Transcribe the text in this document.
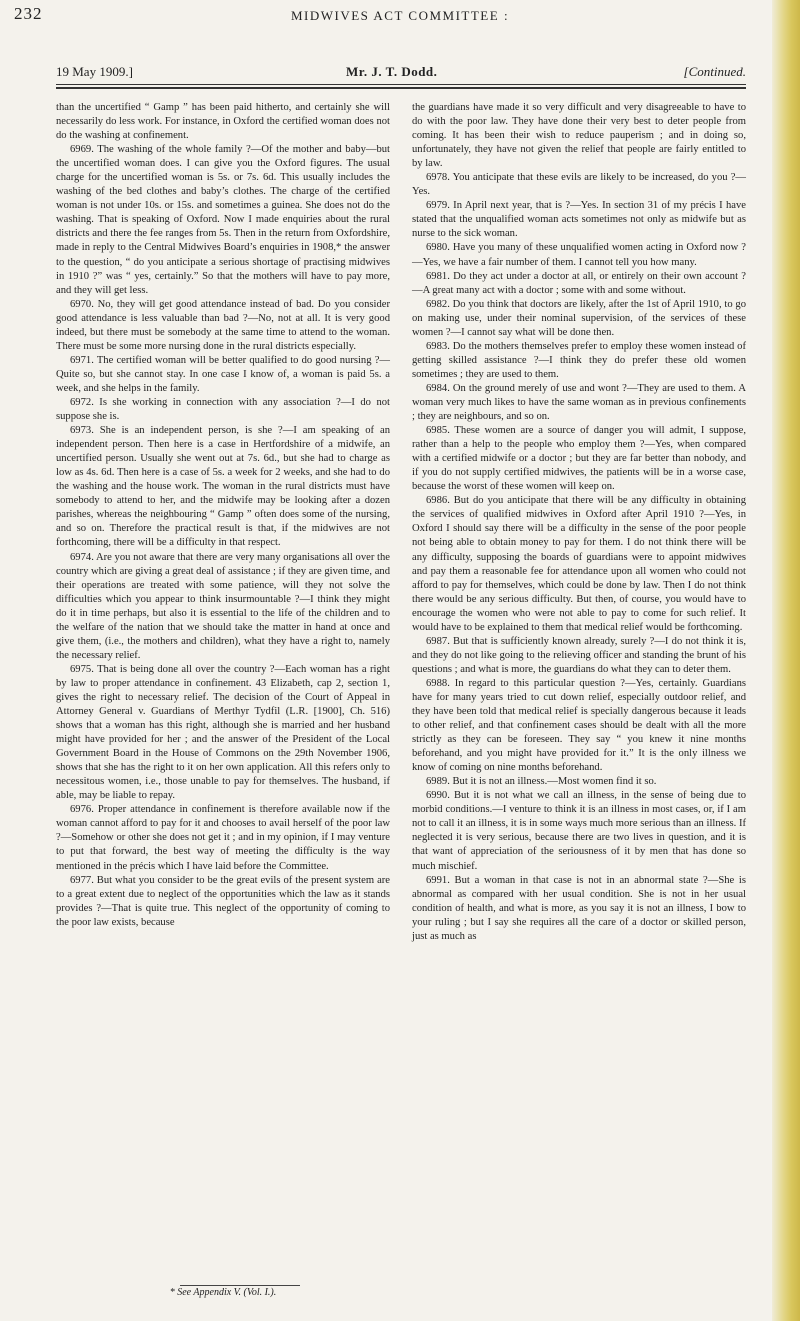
232	MIDWIVES ACT COMMITTEE :
19 May 1909.]	Mr. J. T. Dodd.	[Continued.

than the uncertified “ Gamp ” has been paid hitherto, and certainly she will necessarily do less work. For instance, in Oxford the certified woman does not do the washing at confinement.

6969. The washing of the whole family ?—Of the mother and baby—but the uncertified woman does. I can give you the Oxford figures. The usual charge for the uncertified woman is 5s. or 7s. 6d. This usually includes the washing of the bed clothes and baby’s clothes. The charge of the certified woman is not under 10s. or 15s. and sometimes a guinea. She does not do the washing. That is speaking of Oxford. Now I made enquiries about the rural districts and there the fee ranges from 5s. Then in the return from Oxfordshire, made in reply to the Central Midwives Board’s enquiries in 1908,* the answer to the question, “ do you anticipate a serious shortage of practising midwives in 1910 ?” was “ yes, certainly.” So that the mothers will have to pay more, and they will get less.

6970. No, they will get good attendance instead of bad. Do you consider good attendance is less valuable than bad ?—No, not at all. It is very good indeed, but there must be somebody at the same time to attend to the woman. There must be some more nursing done in the rural districts especially.

6971. The certified woman will be better qualified to do good nursing ?—Quite so, but she cannot stay. In one case I know of, a woman is paid 5s. a week, and she helps in the family.

6972. Is she working in connection with any association ?—I do not suppose she is.

6973. She is an independent person, is she ?—I am speaking of an independent person. Then here is a case in Hertfordshire of a midwife, an uncertified person. Usually she went out at 7s. 6d., but she had to charge as low as 4s. 6d. Then here is a case of 5s. a week for 2 weeks, and she had to do the washing and the house work. The woman in the rural districts must have somebody to attend to her, and the midwife may be looking after a dozen parishes, whereas the neighbouring “ Gamp ” often does some of the nursing, and so on. Therefore the practical result is that, if the midwives are not forthcoming, there will be a difficulty in that respect.

6974. Are you not aware that there are very many organisations all over the country which are giving a great deal of assistance ; if they are given time, and their operations are treated with some patience, will they not solve the difficulties which you appear to think insurmountable ?—I think they might do it in time perhaps, but also it is essential to the life of the children and to the welfare of the nation that we should take the matter in hand at once and give them, (i.e., the mothers and children), what they have a right to, namely the necessary relief.

6975. That is being done all over the country ?—Each woman has a right by law to proper attendance in confinement. 43 Elizabeth, cap 2, section 1, gives the right to necessary relief. The decision of the Court of Appeal in Attorney General v. Guardians of Merthyr Tydfil (L.R. [1900], Ch. 516) shows that a woman has this right, although she is married and her husband might have provided for her ; and the answer of the President of the Local Government Board in the House of Commons on the 29th November 1906, shows that she has the right to it on her own application. All this refers only to necessitous women, i.e., those unable to pay for themselves. The husband, if able, may be liable to repay.

6976. Proper attendance in confinement is therefore available now if the woman cannot afford to pay for it and chooses to avail herself of the poor law ?—Somehow or other she does not get it ; and in my opinion, if I may venture to put that forward, the best way of meeting the difficulty is the way mentioned in the précis which I have laid before the Committee.

6977. But what you consider to be the great evils of the present system are to a great extent due to neglect of the opportunities which the law as it stands provides ?—That is quite true. This neglect of the opportunity of coming to the poor law exists, because

the guardians have made it so very difficult and very disagreeable to have to do with the poor law. They have done their very best to deter people from coming. It has been their wish to reduce pauperism ; and in doing so, unfortunately, they have not given the relief that people are fairly entitled to by law.

6978. You anticipate that these evils are likely to be increased, do you ?—Yes.

6979. In April next year, that is ?—Yes. In section 31 of my précis I have stated that the unqualified woman acts sometimes not only as midwife but as nurse to the sick woman.

6980. Have you many of these unqualified women acting in Oxford now ?—Yes, we have a fair number of them. I cannot tell you how many.

6981. Do they act under a doctor at all, or entirely on their own account ?—A great many act with a doctor ; some with and some without.

6982. Do you think that doctors are likely, after the 1st of April 1910, to go on making use, under their nominal supervision, of the services of these women ?—I cannot say what will be done then.

6983. Do the mothers themselves prefer to employ these women instead of getting skilled assistance ?—I think they do prefer these old women sometimes ; they are used to them.

6984. On the ground merely of use and wont ?—They are used to them. A woman very much likes to have the same woman as in previous confinements ; they are neighbours, and so on.

6985. These women are a source of danger you will admit, I suppose, rather than a help to the people who employ them ?—Yes, when compared with a certified midwife or a doctor ; but they are far better than nobody, and if you do not supply certified midwives, the patients will be in a worse case, because the worst of these women will keep on.

6986. But do you anticipate that there will be any difficulty in obtaining the services of qualified midwives in Oxford after April 1910 ?—Yes, in Oxford I should say there will be a difficulty in the sense of the poor people not being able to obtain money to pay for them. I do not think there will be any difficulty, supposing the boards of guardians were to appoint midwives and pay them a reasonable fee for attendance upon all women who could not afford to pay for themselves, which could be done by law. Then I do not think there would be any serious difficulty. But then, of course, you would have to encourage the women who were not able to pay to come for such relief. It would have to be explained to them that medical relief would be forthcoming.

6987. But that is sufficiently known already, surely ?—I do not think it is, and they do not like going to the relieving officer and standing the brunt of his questions ; and what is more, the guardians do what they can to deter them.

6988. In regard to this particular question ?—Yes, certainly. Guardians have for many years tried to cut down relief, especially outdoor relief, and they have been told that medical relief is specially dangerous because it leads to other relief, and that confinement cases should be dealt with all the more strictly as they can be foreseen. They say “ you knew it nine months beforehand, and you might have provided for it.” It is the only illness we know of coming on nine months beforehand.

6989. But it is not an illness.—Most women find it so.

6990. But it is not what we call an illness, in the sense of being due to morbid conditions.—I venture to think it is an illness in most cases, or, if I am not to call it an illness, it is in some ways much more serious than an illness. If neglected it is very serious, because there are two lives in question, and it is that want of appreciation of the seriousness of it by men that has done so much mischief.

6991. But a woman in that case is not in an abnormal state ?—She is abnormal as compared with her usual condition. She is not in her usual condition of health, and what is more, as you say it is not an illness, I bow to your ruling ; but I say she requires all the care of a doctor or skilled person, just as much as

* See Appendix V. (Vol. I.).
